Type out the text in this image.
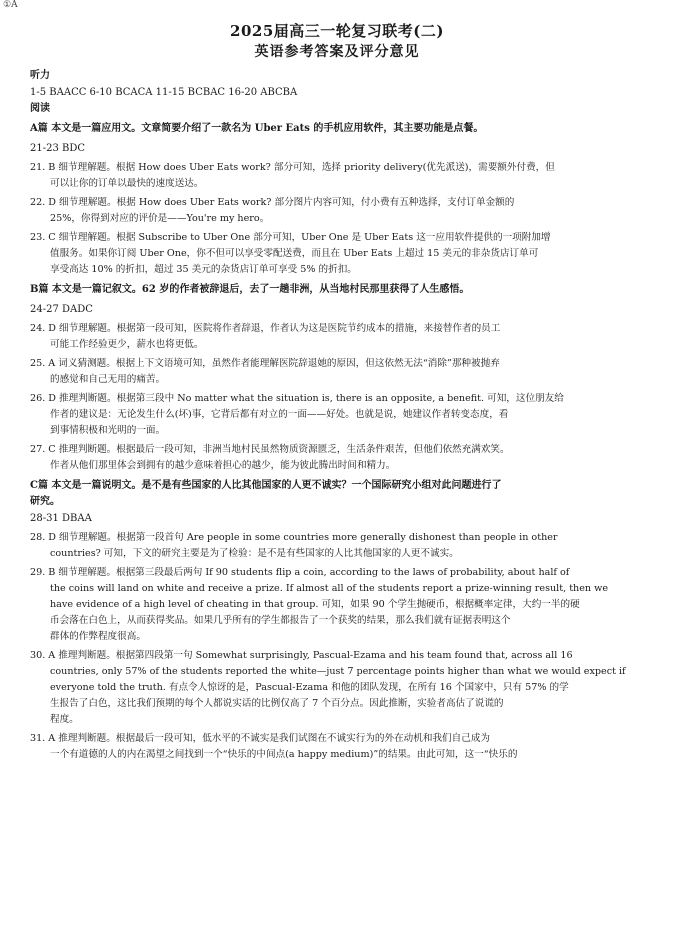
①A

2025届高三一轮复习联考(二)

英语参考答案及评分意见

听力

1-5 BAACC 6-10 BCACA 11-15 BCBAC 16-20 ABCBA

阅读

A篇 本文是一篇应用文。文章简要介绍了一款名为 Uber Eats 的手机应用软件，其主要功能是点餐。

21-23 BDC

21. B 细节理解题。根据 How does Uber Eats work? 部分可知，选择 priority delivery(优先派送)，需要额外付费，但

可以让你的订单以最快的速度送达。

22. D 细节理解题。根据 How does Uber Eats work? 部分图片内容可知，付小费有五种选择，支付订单金额的

25%，你得到对应的评价是——You're my hero。

23. C 细节理解题。根据 Subscribe to Uber One 部分可知，Uber One 是 Uber Eats 这一应用软件提供的一项附加增

值服务。如果你订阅 Uber One，你不但可以享受零配送费，而且在 Uber Eats 上超过 15 美元的非杂货店订单可

享受高达 10% 的折扣，超过 35 美元的杂货店订单可享受 5% 的折扣。

B篇 本文是一篇记叙文。62 岁的作者被辞退后，去了一趟非洲，从当地村民那里获得了人生感悟。

24-27 DADC

24. D 细节理解题。根据第一段可知，医院将作者辞退，作者认为这是医院节约成本的措施，来接替作者的员工

可能工作经验更少，薪水也将更低。

25. A 词义猜测题。根据上下文语境可知，虽然作者能理解医院辞退她的原因，但这依然无法“消除”那种被抛弃

的感觉和自己无用的痛苦。

26. D 推理判断题。根据第三段中 No matter what the situation is, there is an opposite, a benefit. 可知，这位朋友给

作者的建议是：无论发生什么(坏)事，它背后都有对立的一面——好处。也就是说，她建议作者转变态度，看

到事情积极和光明的一面。

27. C 推理判断题。根据最后一段可知，非洲当地村民虽然物质资源匮乏，生活条件艰苦，但他们依然充满欢笑。

作者从他们那里体会到拥有的越少意味着担心的越少，能为彼此腾出时间和精力。

C篇 本文是一篇说明文。是不是有些国家的人比其他国家的人更不诚实？一个国际研究小组对此问题进行了

研究。

28-31 DBAA

28. D 细节理解题。根据第一段首句 Are people in some countries more generally dishonest than people in other

countries? 可知，下文的研究主要是为了检验：是不是有些国家的人比其他国家的人更不诚实。

29. B 细节理解题。根据第三段最后两句 If 90 students flip a coin, according to the laws of probability, about half of

the coins will land on white and receive a prize. If almost all of the students report a prize-winning result, then we

have evidence of a high level of cheating in that group. 可知，如果 90 个学生抛硬币，根据概率定律，大约一半的硬

币会落在白色上，从而获得奖品。如果几乎所有的学生都报告了一个获奖的结果，那么我们就有证据表明这个

群体的作弊程度很高。

30. A 推理判断题。根据第四段第一句 Somewhat surprisingly, Pascual-Ezama and his team found that, across all 16

countries, only 57% of the students reported the white—just 7 percentage points higher than what we would expect if

everyone told the truth. 有点令人惊讶的是，Pascual-Ezama 和他的团队发现，在所有 16 个国家中，只有 57% 的学

生报告了白色，这比我们预期的每个人都说实话的比例仅高了 7 个百分点。因此推断，实验者高估了说谎的

程度。

31. A 推理判断题。根据最后一段可知，低水平的不诚实是我们试图在不诚实行为的外在动机和我们自己成为

一个有道德的人的内在渴望之间找到一个“快乐的中间点(a happy medium)”的结果。由此可知，这一“快乐的
